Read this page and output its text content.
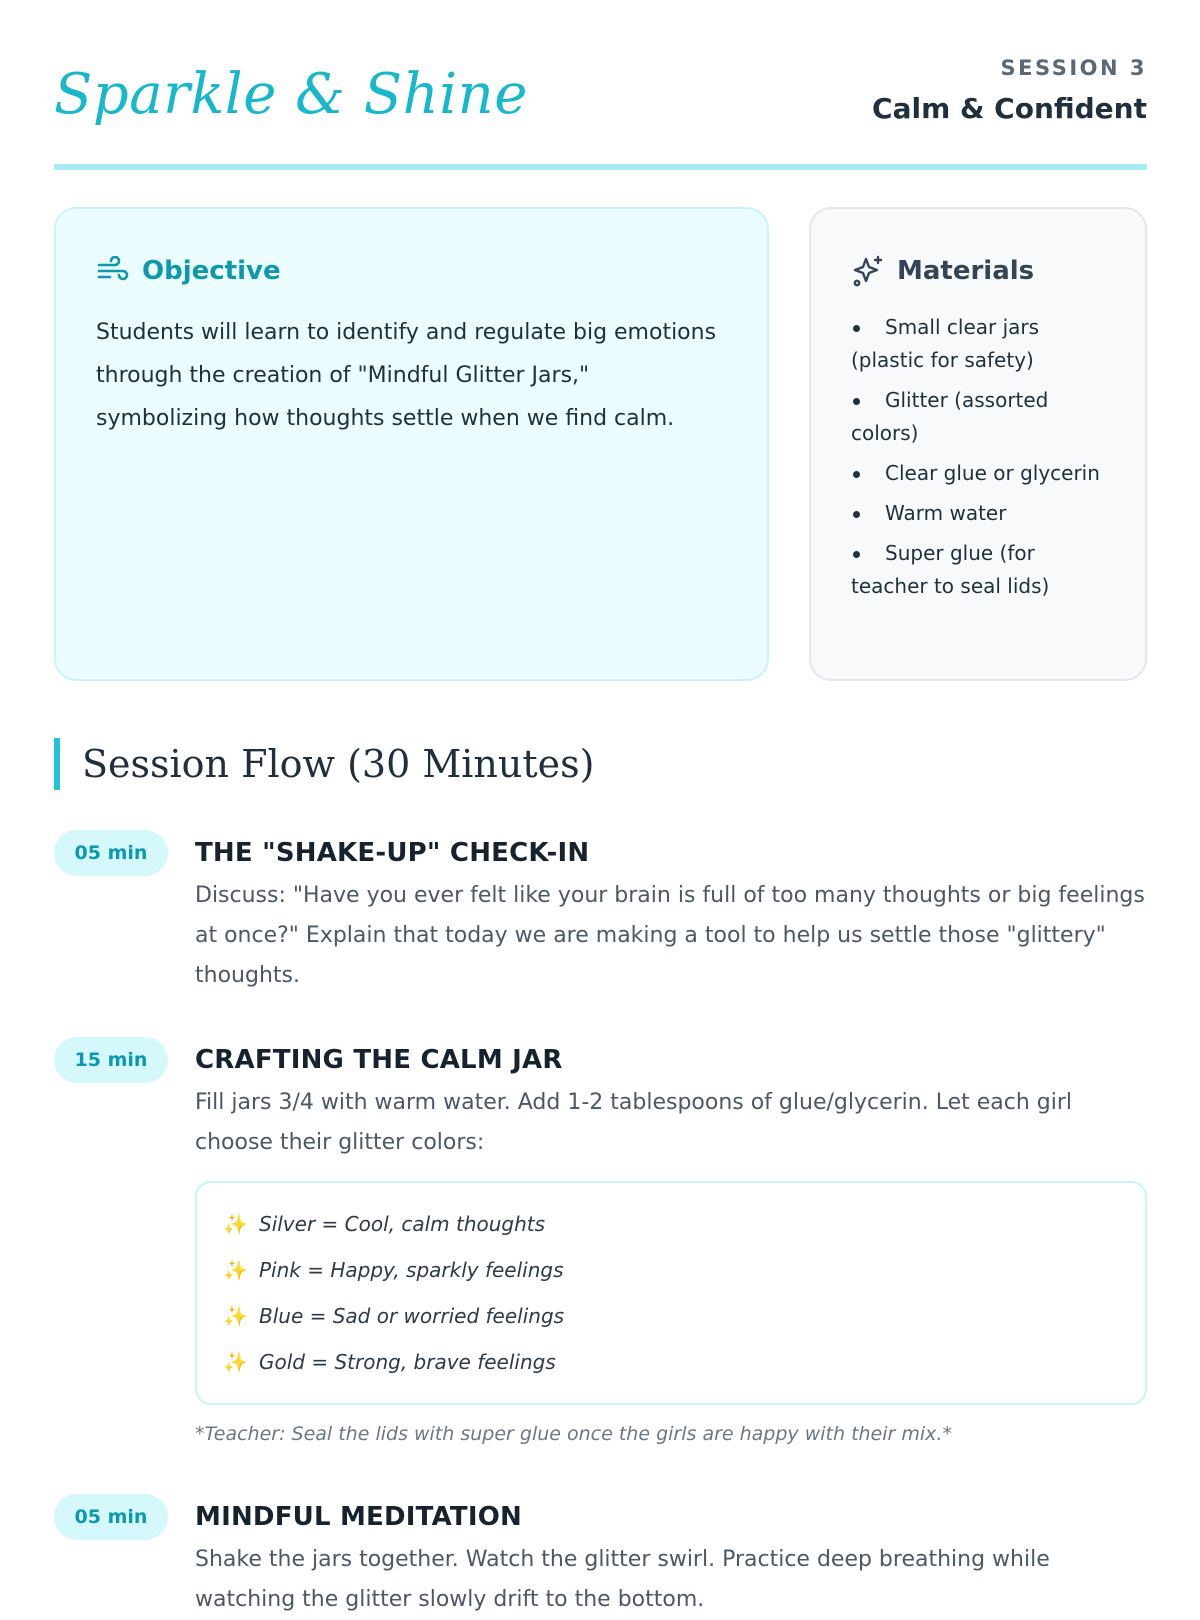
Sparkle & Shine	SESSION 3
Calm & Confident
Objective

Students will learn to identify and regulate big emotions through the creation of "Mindful Glitter Jars," symbolizing how thoughts settle when we find calm.

Materials
Small clear jars (plastic for safety)
Glitter (assorted colors)
Clear glue or glycerin
Warm water
Super glue (for teacher to seal lids)
Session Flow (30 Minutes)
05 min	THE "SHAKE-UP" CHECK-IN

Discuss: "Have you ever felt like your brain is full of too many thoughts or big feelings at once?" Explain that today we are making a tool to help us settle those "glittery" thoughts.

15 min	CRAFTING THE CALM JAR

Fill jars 3/4 with warm water. Add 1-2 tablespoons of glue/glycerin. Let each girl choose their glitter colors:

✨ Silver = Cool, calm thoughts
✨ Pink = Happy, sparkly feelings
✨ Blue = Sad or worried feelings
✨ Gold = Strong, brave feelings
*Teacher: Seal the lids with super glue once the girls are happy with their mix.*
05 min	MINDFUL MEDITATION

Shake the jars together. Watch the glitter swirl. Practice deep breathing while watching the glitter slowly drift to the bottom.
